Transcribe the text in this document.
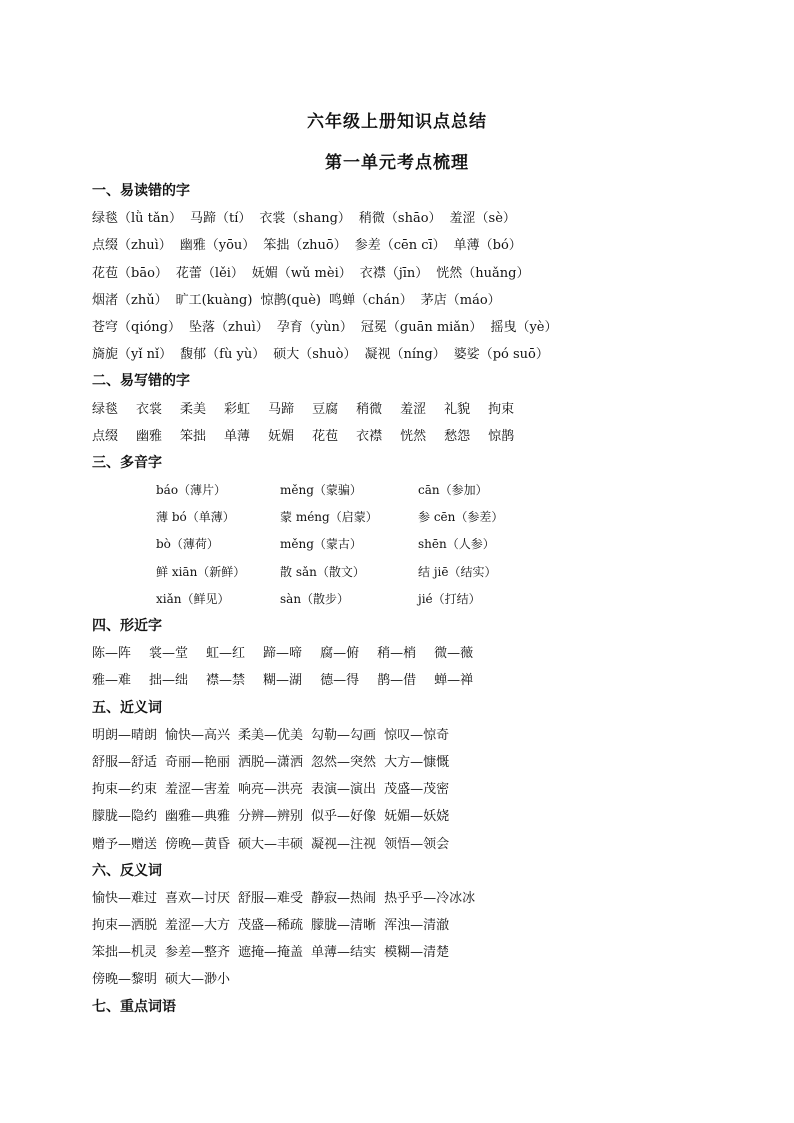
六年级上册知识点总结
第一单元考点梳理
一、易读错的字
绿毯（lǜ tǎn） 马蹄（tí） 衣裳（shang） 稍微（shāo） 羞涩（sè）
点缀（zhuì） 幽雅（yōu） 笨拙（zhuō） 参差（cēn cī） 单薄（bó）
花苞（bāo） 花蕾（lěi） 妩媚（wǔ mèi） 衣襟（jīn） 恍然（huǎng）
烟渚（zhǔ） 旷工(kuàng) 惊鹊(què) 鸣蝉（chán） 茅店（máo）
苍穹（qióng） 坠落（zhuì） 孕育（yùn） 冠冕（guān miǎn） 摇曳（yè）
旖旎（yǐ nǐ） 馥郁（fù yù） 硕大（shuò） 凝视（níng） 婆娑（pó suō）
二、易写错的字
绿毯 衣裳 柔美 彩虹 马蹄 豆腐 稍微 羞涩 礼貌 拘束
点缀 幽雅 笨拙 单薄 妩媚 花苞 衣襟 恍然 愁怨 惊鹊
三、多音字
báo（薄片）	měng（蒙骗）	cān（参加）
薄 bó（单薄）	蒙 méng（启蒙）	参 cēn（参差）
bò（薄荷）	měng（蒙古）	shēn（人参）
鲜 xiān（新鲜）	散 sǎn（散文）	结 jiē（结实）
xiǎn（鲜见）	sàn（散步）	jié（打结）
四、形近字
陈—阵 裳—堂 虹—红 蹄—啼 腐—俯 稍—梢 微—薇
雅—难 拙—绌 襟—禁 糊—湖 德—得 鹊—借 蝉—禅
五、近义词
明朗—晴朗 愉快—高兴 柔美—优美 勾勒—勾画 惊叹—惊奇
舒服—舒适 奇丽—艳丽 洒脱—潇洒 忽然—突然 大方—慷慨
拘束—约束 羞涩—害羞 响亮—洪亮 表演—演出 茂盛—茂密
朦胧—隐约 幽雅—典雅 分辨—辨别 似乎—好像 妩媚—妖娆
赠予—赠送 傍晚—黄昏 硕大—丰硕 凝视—注视 领悟—领会
六、反义词
愉快—难过 喜欢—讨厌 舒服—难受 静寂—热闹 热乎乎—冷冰冰
拘束—洒脱 羞涩—大方 茂盛—稀疏 朦胧—清晰 浑浊—清澈
笨拙—机灵 参差—整齐 遮掩—掩盖 单薄—结实 模糊—清楚
傍晚—黎明 硕大—渺小
七、重点词语
